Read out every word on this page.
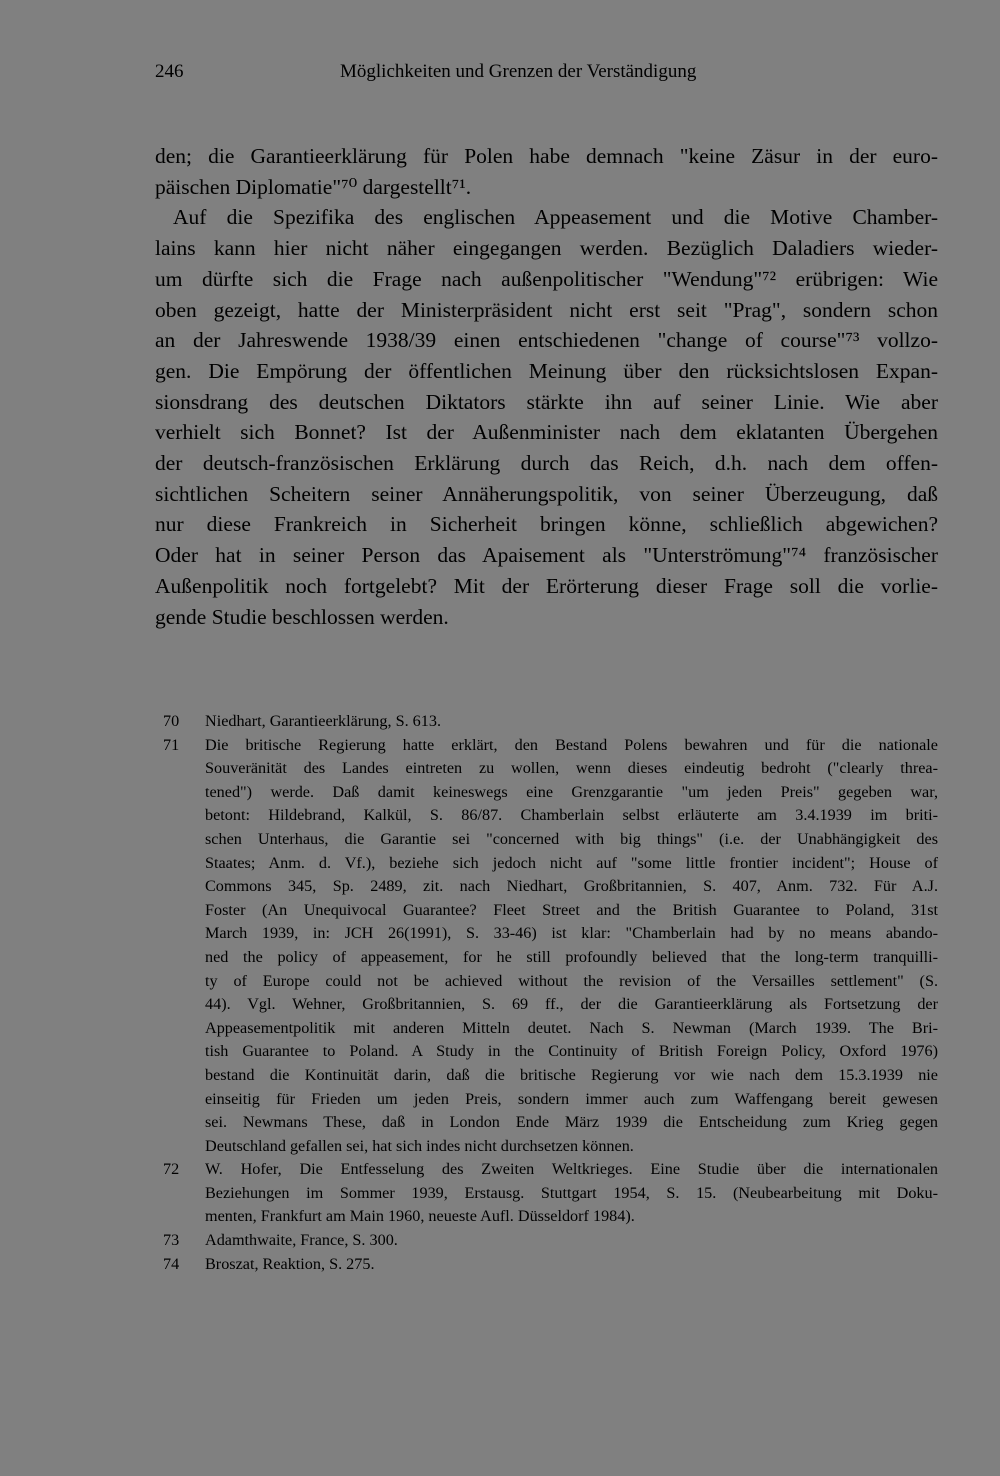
246	Möglichkeiten und Grenzen der Verständigung
den; die Garantieerklärung für Polen habe demnach "keine Zäsur in der euro-
päischen Diplomatie"⁷⁰ dargestellt⁷¹.
Auf die Spezifika des englischen Appeasement und die Motive Chamber-
lains kann hier nicht näher eingegangen werden. Bezüglich Daladiers wieder-
um dürfte sich die Frage nach außenpolitischer "Wendung"⁷² erübrigen: Wie
oben gezeigt, hatte der Ministerpräsident nicht erst seit "Prag", sondern schon
an der Jahreswende 1938/39 einen entschiedenen "change of course"⁷³ vollzo-
gen. Die Empörung der öffentlichen Meinung über den rücksichtslosen Expan-
sionsdrang des deutschen Diktators stärkte ihn auf seiner Linie. Wie aber
verhielt sich Bonnet? Ist der Außenminister nach dem eklatanten Übergehen
der deutsch-französischen Erklärung durch das Reich, d.h. nach dem offen-
sichtlichen Scheitern seiner Annäherungspolitik, von seiner Überzeugung, daß
nur diese Frankreich in Sicherheit bringen könne, schließlich abgewichen?
Oder hat in seiner Person das Apaisement als "Unterströmung"⁷⁴ französischer
Außenpolitik noch fortgelebt? Mit der Erörterung dieser Frage soll die vorlie-
gende Studie beschlossen werden.
70 Niedhart, Garantieerklärung, S. 613.
71 Die britische Regierung hatte erklärt, den Bestand Polens bewahren und für die nationale
Souveränität des Landes eintreten zu wollen, wenn dieses eindeutig bedroht ("clearly threa-
tened") werde. Daß damit keineswegs eine Grenzgarantie "um jeden Preis" gegeben war,
betont: Hildebrand, Kalkül, S. 86/87. Chamberlain selbst erläuterte am 3.4.1939 im briti-
schen Unterhaus, die Garantie sei "concerned with big things" (i.e. der Unabhängigkeit des
Staates; Anm. d. Vf.), beziehe sich jedoch nicht auf "some little frontier incident"; House of
Commons 345, Sp. 2489, zit. nach Niedhart, Großbritannien, S. 407, Anm. 732. Für A.J.
Foster (An Unequivocal Guarantee? Fleet Street and the British Guarantee to Poland, 31st
March 1939, in: JCH 26(1991), S. 33-46) ist klar: "Chamberlain had by no means abando-
ned the policy of appeasement, for he still profoundly believed that the long-term tranquilli-
ty of Europe could not be achieved without the revision of the Versailles settlement" (S.
44). Vgl. Wehner, Großbritannien, S. 69 ff., der die Garantieerklärung als Fortsetzung der
Appeasementpolitik mit anderen Mitteln deutet. Nach S. Newman (March 1939. The Bri-
tish Guarantee to Poland. A Study in the Continuity of British Foreign Policy, Oxford 1976)
bestand die Kontinuität darin, daß die britische Regierung vor wie nach dem 15.3.1939 nie
einseitig für Frieden um jeden Preis, sondern immer auch zum Waffengang bereit gewesen
sei. Newmans These, daß in London Ende März 1939 die Entscheidung zum Krieg gegen
Deutschland gefallen sei, hat sich indes nicht durchsetzen können.
72 W. Hofer, Die Entfesselung des Zweiten Weltkrieges. Eine Studie über die internationalen
Beziehungen im Sommer 1939, Erstausg. Stuttgart 1954, S. 15. (Neubearbeitung mit Doku-
menten, Frankfurt am Main 1960, neueste Aufl. Düsseldorf 1984).
73 Adamthwaite, France, S. 300.
74 Broszat, Reaktion, S. 275.
